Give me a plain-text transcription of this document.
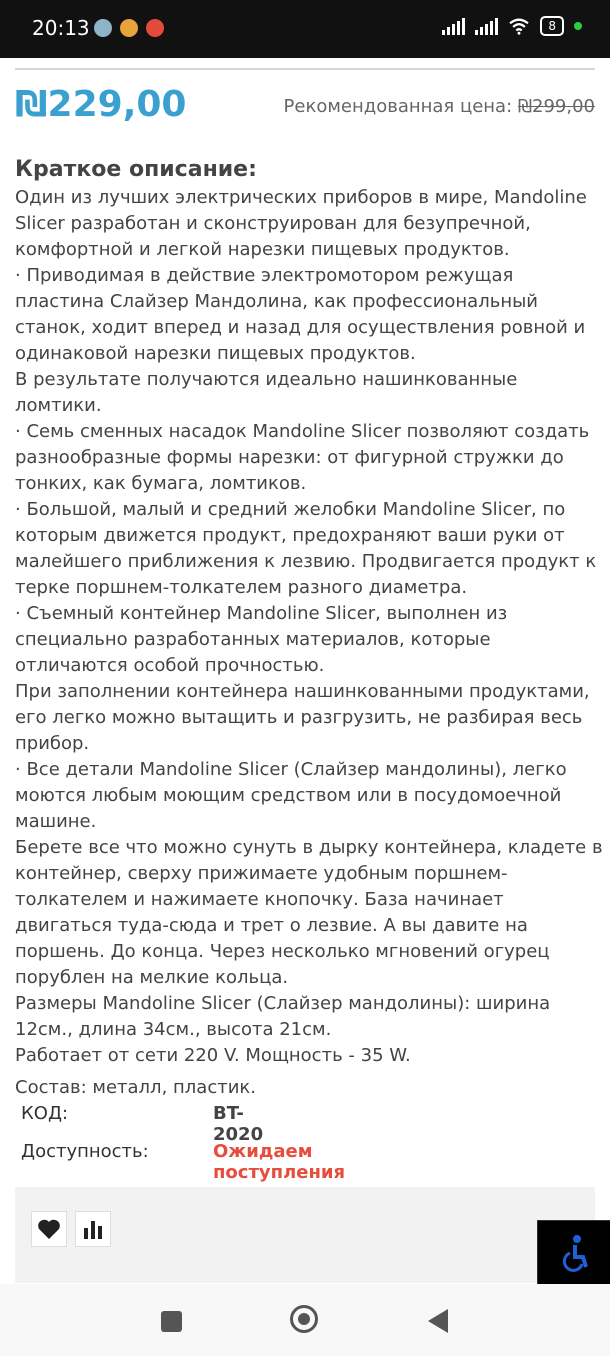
20:13	8
₪229,00	Рекомендованная цена: ₪299,00
Краткое описание:

Один из лучших электрических приборов в мире, Mandoline Slicer разработан и сконструирован для безупречной, комфортной и легкой нарезки пищевых продуктов.

· Приводимая в действие электромотором режущая пластина Слайзер Мандолина, как профессиональный станок, ходит вперед и назад для осуществления ровной и одинаковой нарезки пищевых продуктов.

В результате получаются идеально нашинкованные ломтики.

· Семь сменных насадок Mandoline Slicer позволяют создать разнообразные формы нарезки: от фигурной стружки до тонких, как бумага, ломтиков.

· Большой, малый и средний желобки Mandoline Slicer, по которым движется продукт, предохраняют ваши руки от малейшего приближения к лезвию. Продвигается продукт к терке поршнем-толкателем разного диаметра.

· Съемный контейнер Mandoline Slicer, выполнен из специально разработанных материалов, которые отличаются особой прочностью.

При заполнении контейнера нашинкованными продуктами, его легко можно вытащить и разгрузить, не разбирая весь прибор.

· Все детали Mandoline Slicer (Слайзер мандолины), легко моются любым моющим средством или в посудомоечной машине.

Берете все что можно сунуть в дырку контейнера, кладете в контейнер, сверху прижимаете удобным поршнем-толкателем и нажимаете кнопочку. База начинает двигаться туда-сюда и трет о лезвие. А вы давите на поршень. До конца. Через несколько мгновений огурец порублен на мелкие кольца.

Размеры Mandoline Slicer (Слайзер мандолины): ширина 12см., длина 34см., высота 21см.

Работает от сети 220 V. Мощность - 35 W.

Состав: металл, пластик.

КОД:	BT-2020
Доступность:	Ожидаем поступления
